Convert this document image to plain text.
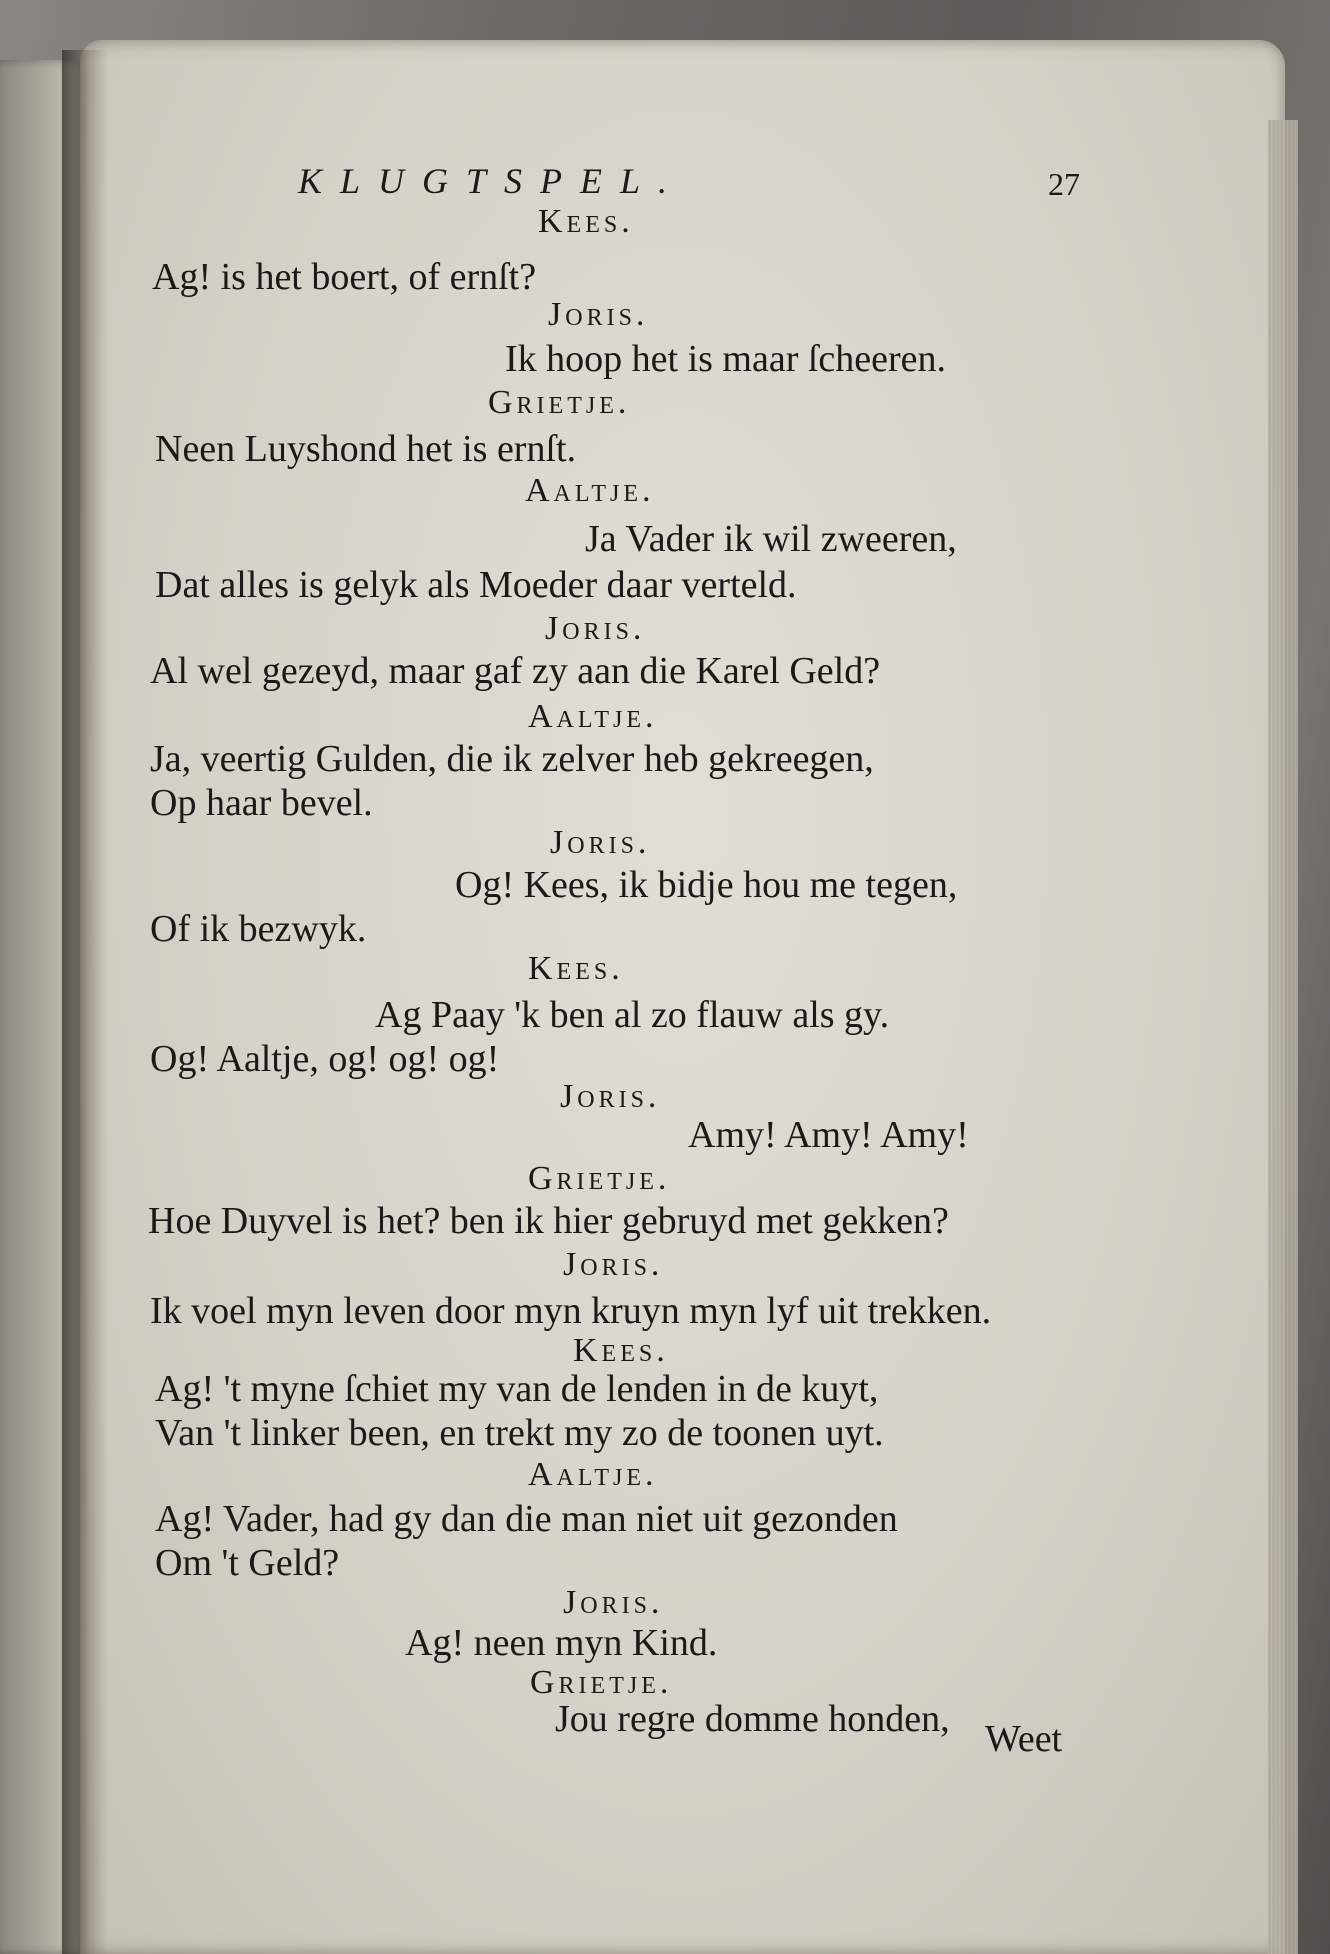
KLUGTSPEL.	27
Kees.
Ag! is het boert, of ernſt?
Joris.
Ik hoop het is maar ſcheeren.
Grietje.
Neen Luyshond het is ernſt.
Aaltje.
Ja Vader ik wil zweeren,
Dat alles is gelyk als Moeder daar verteld.
Joris.
Al wel gezeyd, maar gaf zy aan die Karel Geld?
Aaltje.
Ja, veertig Gulden, die ik zelver heb gekreegen,
Op haar bevel.
Joris.
Og! Kees, ik bidje hou me tegen,
Of ik bezwyk.
Kees.
Ag Paay 'k ben al zo flauw als gy.
Og! Aaltje, og! og! og!
Joris.
Amy! Amy! Amy!
Grietje.
Hoe Duyvel is het? ben ik hier gebruyd met gekken?
Joris.
Ik voel myn leven door myn kruyn myn lyf uit trekken.
Kees.
Ag! 't myne ſchiet my van de lenden in de kuyt,
Van 't linker been, en trekt my zo de toonen uyt.
Aaltje.
Ag! Vader, had gy dan die man niet uit gezonden
Om 't Geld?
Joris.
Ag! neen myn Kind.
Grietje.
Jou regre domme honden, Weet
